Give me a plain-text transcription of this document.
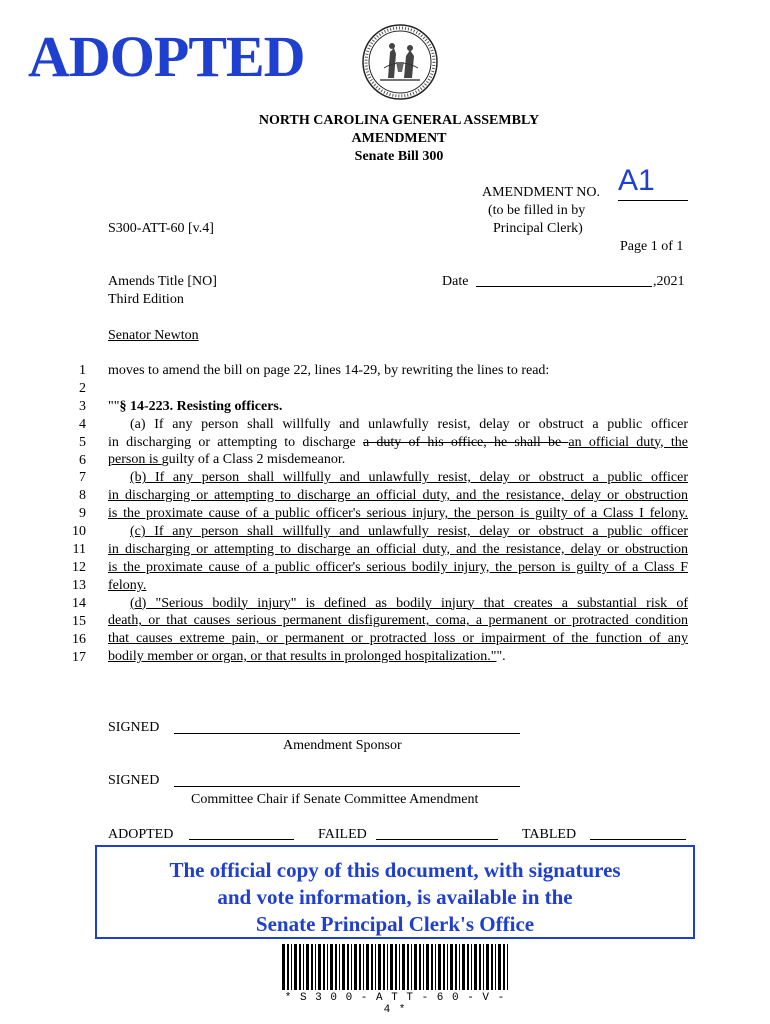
ADOPTED
NORTH CAROLINA GENERAL ASSEMBLY
AMENDMENT
Senate Bill 300
AMENDMENT NO. A1
(to be filled in by
Principal Clerk)
S300-ATT-60 [v.4]
Page 1 of 1
Amends Title [NO]
Third Edition
Date	,2021
Senator Newton
1
2
3
4
5
6
7
8
9
10
11
12
13
14
15
16
17

moves to amend the bill on page 22, lines 14-29, by rewriting the lines to read:

""§ 14-223. Resisting officers.

(a) If any person shall willfully and unlawfully resist, delay or obstruct a public officer

in discharging or attempting to discharge a duty of his office, he shall be an official duty, the

person is guilty of a Class 2 misdemeanor.

(b) If any person shall willfully and unlawfully resist, delay or obstruct a public officer

in discharging or attempting to discharge an official duty, and the resistance, delay or obstruction

is the proximate cause of a public officer's serious injury, the person is guilty of a Class I felony.

(c) If any person shall willfully and unlawfully resist, delay or obstruct a public officer

in discharging or attempting to discharge an official duty, and the resistance, delay or obstruction

is the proximate cause of a public officer's serious bodily injury, the person is guilty of a Class F

felony.

(d) "Serious bodily injury" is defined as bodily injury that creates a substantial risk of

death, or that causes serious permanent disfigurement, coma, a permanent or protracted condition

that causes extreme pain, or permanent or protracted loss or impairment of the function of any

bodily member or organ, or that results in prolonged hospitalization."".

SIGNED
Amendment Sponsor
SIGNED
Committee Chair if Senate Committee Amendment
ADOPTED	FAILED	TABLED
The official copy of this document, with signatures
and vote information, is available in the
Senate Principal Clerk's Office
* S 3 0 0 - A T T - 6 0 - V - 4 *
